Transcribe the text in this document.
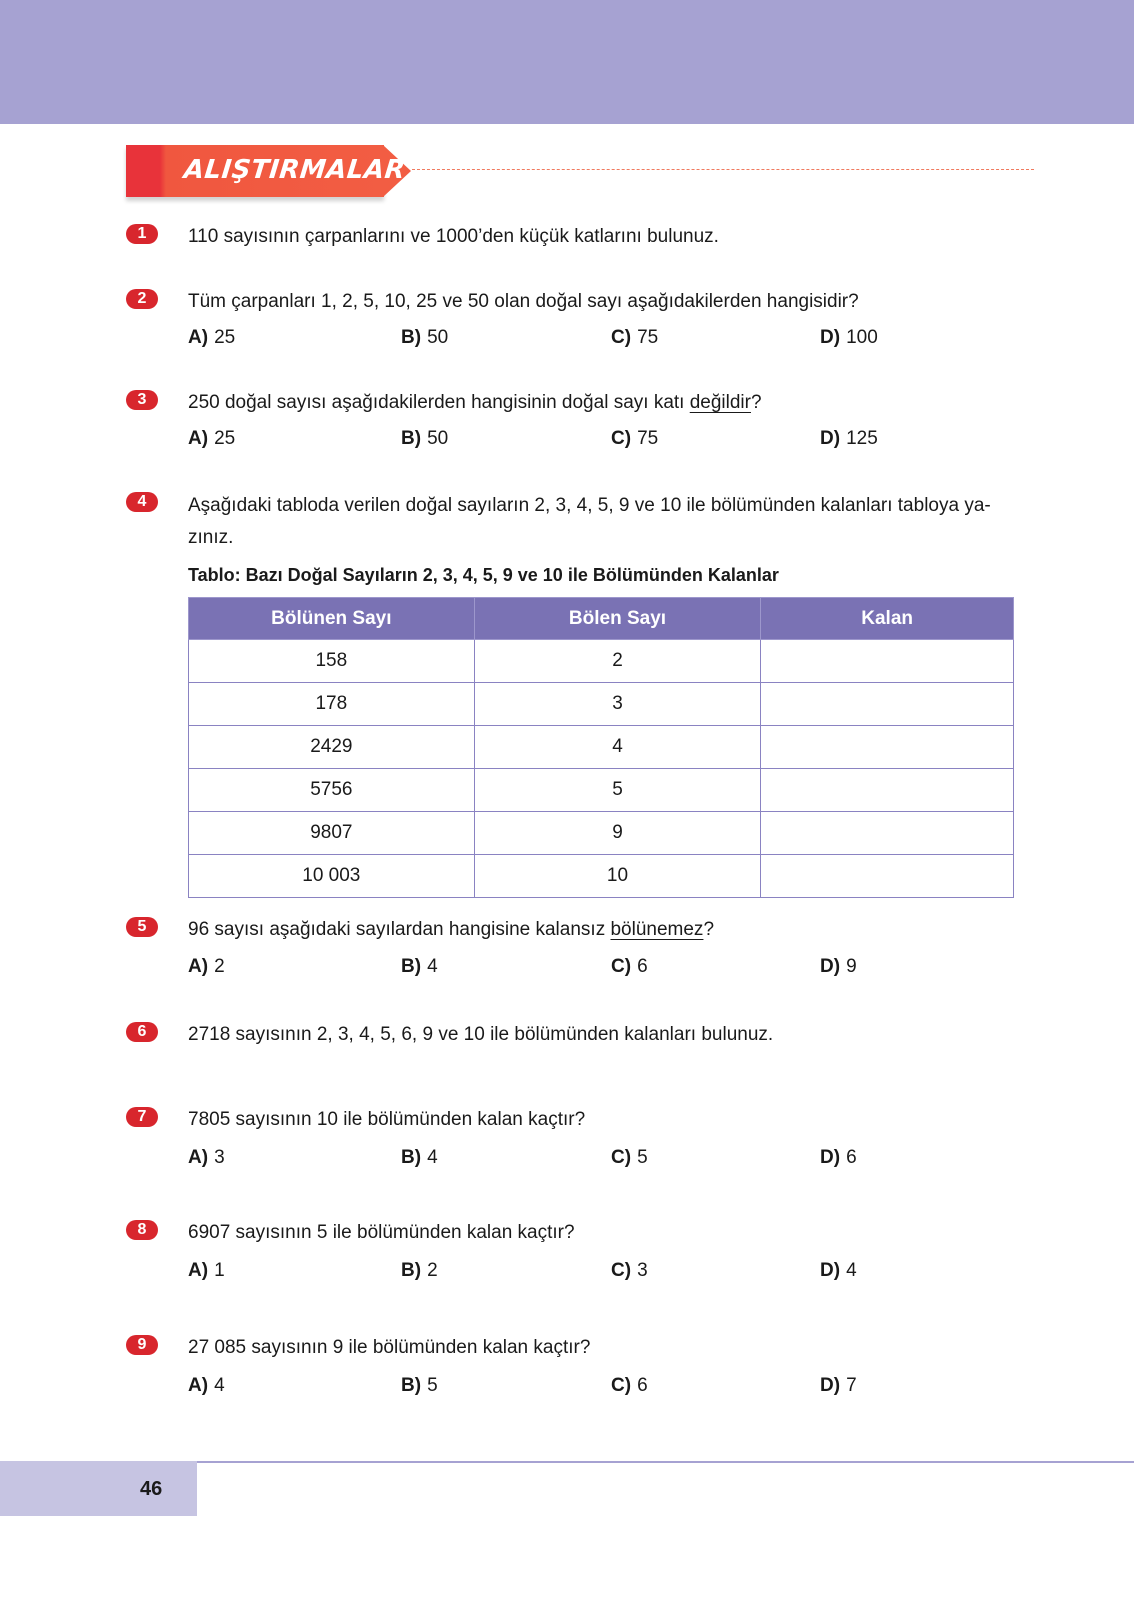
ALIŞTIRMALAR
1	110 sayısının çarpanlarını ve 1000’den küçük katlarını bulunuz.
2	Tüm çarpanları 1, 2, 5, 10, 25 ve 50 olan doğal sayı aşağıdakilerden hangisidir?
A) 25	B) 50	C) 75	D) 100
3	250 doğal sayısı aşağıdakilerden hangisinin doğal sayı katı değildir?
A) 25	B) 50	C) 75	D) 125
4	Aşağıdaki tabloda verilen doğal sayıların 2, 3, 4, 5, 9 ve 10 ile bölümünden kalanları tabloya ya-zınız.
Tablo: Bazı Doğal Sayıların 2, 3, 4, 5, 9 ve 10 ile Bölümünden Kalanlar
Bölünen Sayı	Bölen Sayı	Kalan
158	2	
178	3	
2429	4	
5756	5	
9807	9	
10 003	10	
5	96 sayısı aşağıdaki sayılardan hangisine kalansız bölünemez?
A) 2	B) 4	C) 6	D) 9
6	2718 sayısının 2, 3, 4, 5, 6, 9 ve 10 ile bölümünden kalanları bulunuz.
7	7805 sayısının 10 ile bölümünden kalan kaçtır?
A) 3	B) 4	C) 5	D) 6
8	6907 sayısının 5 ile bölümünden kalan kaçtır?
A) 1	B) 2	C) 3	D) 4
9	27 085 sayısının 9 ile bölümünden kalan kaçtır?
A) 4	B) 5	C) 6	D) 7
46
